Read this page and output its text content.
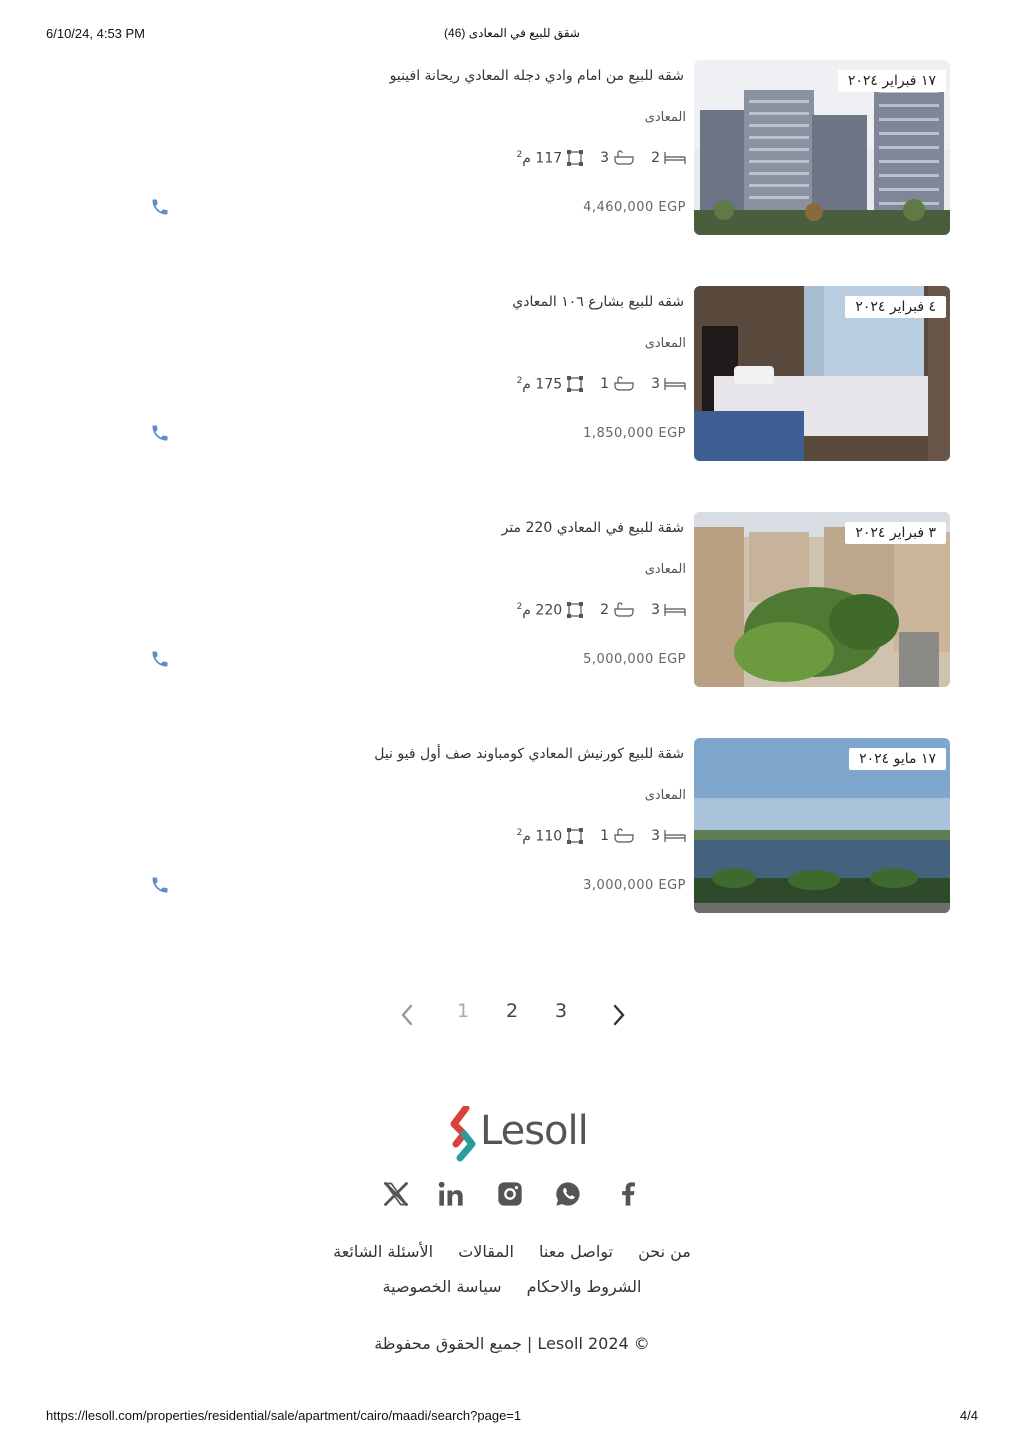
6/10/24, 4:53 PM	شقق للبيع في المعادى (46)
١٧ فبراير ٢٠٢٤
شقه للبيع من امام وادي دجله المعادي ريحانة افينيو
المعادى
2
3
117 م$^2$
4,460,000 EGP
٤ فبراير ٢٠٢٤
شقه للبيع بشارع ١٠٦ المعادي
المعادى
3
1
175 م$^2$
1,850,000 EGP
٣ فبراير ٢٠٢٤
شقة للبيع في المعادي 220 متر
المعادى
3
2
220 م$^2$
5,000,000 EGP
١٧ مايو ٢٠٢٤
شقة للبيع كورنيش المعادي كومباوند صف أول فيو نيل
المعادى
3
1
110 م$^2$
3,000,000 EGP
1 2 3
Lesoll
من نحن تواصل معنا المقالات الأسئلة الشائعة
الشروط والاحكام سياسة الخصوصية
جميع الحقوق محفوظة | Lesoll 2024 ©
https://lesoll.com/properties/residential/sale/apartment/cairo/maadi/search?page=1	4/4
